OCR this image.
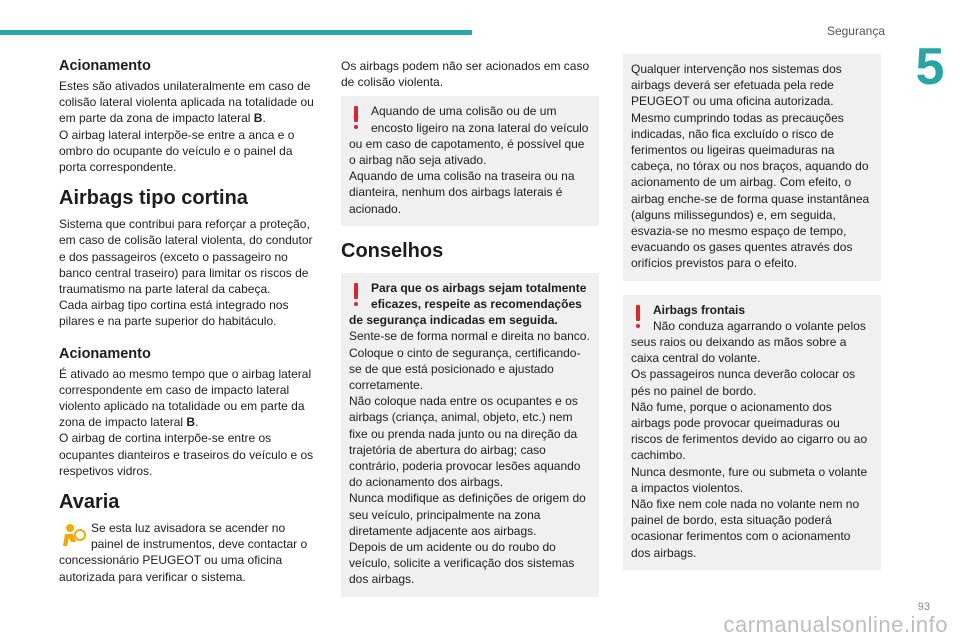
Segurança
5
Acionamento

Estes são ativados unilateralmente em caso de colisão lateral violenta aplicada na totalidade ou em parte da zona de impacto lateral B.

O airbag lateral interpõe-se entre a anca e o ombro do ocupante do veículo e o painel da porta correspondente.

Airbags tipo cortina

Sistema que contribui para reforçar a proteção, em caso de colisão lateral violenta, do condutor e dos passageiros (exceto o passageiro no banco central traseiro) para limitar os riscos de traumatismo na parte lateral da cabeça.

Cada airbag tipo cortina está integrado nos pilares e na parte superior do habitáculo.

Acionamento

É ativado ao mesmo tempo que o airbag lateral correspondente em caso de impacto lateral violento aplicado na totalidade ou em parte da zona de impacto lateral B.

O airbag de cortina interpõe-se entre os ocupantes dianteiros e traseiros do veículo e os respetivos vidros.

Avaria

Se esta luz avisadora se acender no painel de instrumentos, deve contactar o concessionário PEUGEOT ou uma oficina autorizada para verificar o sistema.

Os airbags podem não ser acionados em caso de colisão violenta.

Aquando de uma colisão ou de um encosto ligeiro na zona lateral do veículo ou em caso de capotamento, é possível que o airbag não seja ativado.
Aquando de uma colisão na traseira ou na dianteira, nenhum dos airbags laterais é acionado.

Conselhos

Para que os airbags sejam totalmente eficazes, respeite as recomendações de segurança indicadas em seguida.

Sente-se de forma normal e direita no banco.
Coloque o cinto de segurança, certificando-se de que está posicionado e ajustado corretamente.
Não coloque nada entre os ocupantes e os airbags (criança, animal, objeto, etc.) nem fixe ou prenda nada junto ou na direção da trajetória de abertura do airbag; caso contrário, poderia provocar lesões aquando do acionamento dos airbags.
Nunca modifique as definições de origem do seu veículo, principalmente na zona diretamente adjacente aos airbags.
Depois de um acidente ou do roubo do veículo, solicite a verificação dos sistemas dos airbags.

Qualquer intervenção nos sistemas dos airbags deverá ser efetuada pela rede PEUGEOT ou uma oficina autorizada.
Mesmo cumprindo todas as precauções indicadas, não fica excluído o risco de ferimentos ou ligeiras queimaduras na cabeça, no tórax ou nos braços, aquando do acionamento de um airbag. Com efeito, o airbag enche-se de forma quase instantânea (alguns milissegundos) e, em seguida, esvazia-se no mesmo espaço de tempo, evacuando os gases quentes através dos orifícios previstos para o efeito.

Airbags frontais

Não conduza agarrando o volante pelos seus raios ou deixando as mãos sobre a caixa central do volante.
Os passageiros nunca deverão colocar os pés no painel de bordo.
Não fume, porque o acionamento dos airbags pode provocar queimaduras ou riscos de ferimentos devido ao cigarro ou ao cachimbo.
Nunca desmonte, fure ou submeta o volante a impactos violentos.
Não fixe nem cole nada no volante nem no painel de bordo, esta situação poderá ocasionar ferimentos com o acionamento dos airbags.

93
carmanualsonline.info
